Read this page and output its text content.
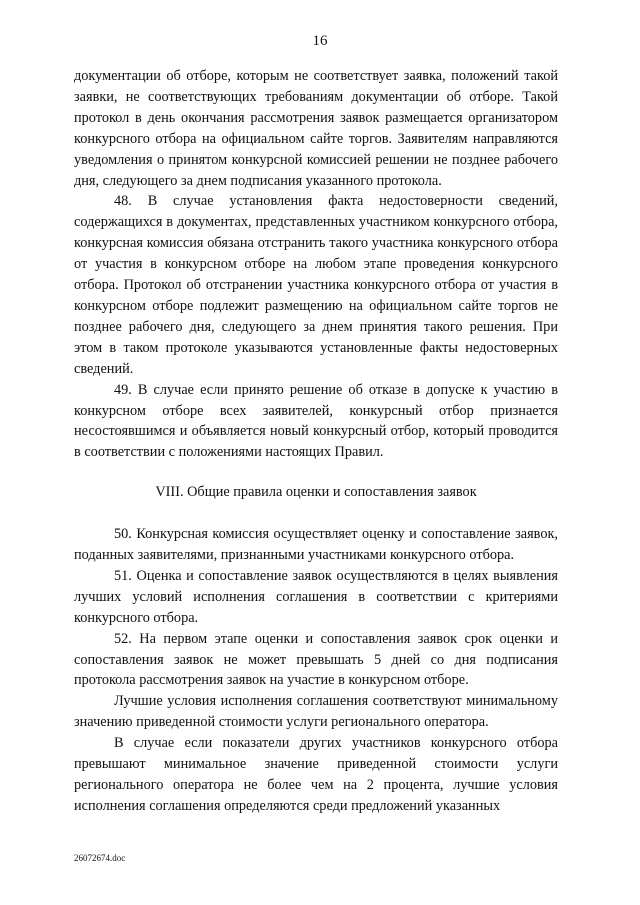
16

документации об отборе, которым не соответствует заявка, положений такой заявки, не соответствующих требованиям документации об отборе. Такой протокол в день окончания рассмотрения заявок размещается организатором конкурсного отбора на официальном сайте торгов. Заявителям направляются уведомления о принятом конкурсной комиссией решении не позднее рабочего дня, следующего за днем подписания указанного протокола.

48. В случае установления факта недостоверности сведений, содержащихся в документах, представленных участником конкурсного отбора, конкурсная комиссия обязана отстранить такого участника конкурсного отбора от участия в конкурсном отборе на любом этапе проведения конкурсного отбора. Протокол об отстранении участника конкурсного отбора от участия в конкурсном отборе подлежит размещению на официальном сайте торгов не позднее рабочего дня, следующего за днем принятия такого решения. При этом в таком протоколе указываются установленные факты недостоверных сведений.

49. В случае если принято решение об отказе в допуске к участию в конкурсном отборе всех заявителей, конкурсный отбор признается несостоявшимся и объявляется новый конкурсный отбор, который проводится в соответствии с положениями настоящих Правил.

VIII. Общие правила оценки и сопоставления заявок

50. Конкурсная комиссия осуществляет оценку и сопоставление заявок, поданных заявителями, признанными участниками конкурсного отбора.

51. Оценка и сопоставление заявок осуществляются в целях выявления лучших условий исполнения соглашения в соответствии с критериями конкурсного отбора.

52. На первом этапе оценки и сопоставления заявок срок оценки и сопоставления заявок не может превышать 5 дней со дня подписания протокола рассмотрения заявок на участие в конкурсном отборе.

Лучшие условия исполнения соглашения соответствуют минимальному значению приведенной стоимости услуги регионального оператора.

В случае если показатели других участников конкурсного отбора превышают минимальное значение приведенной стоимости услуги регионального оператора не более чем на 2 процента, лучшие условия исполнения соглашения определяются среди предложений указанных

26072674.doc
